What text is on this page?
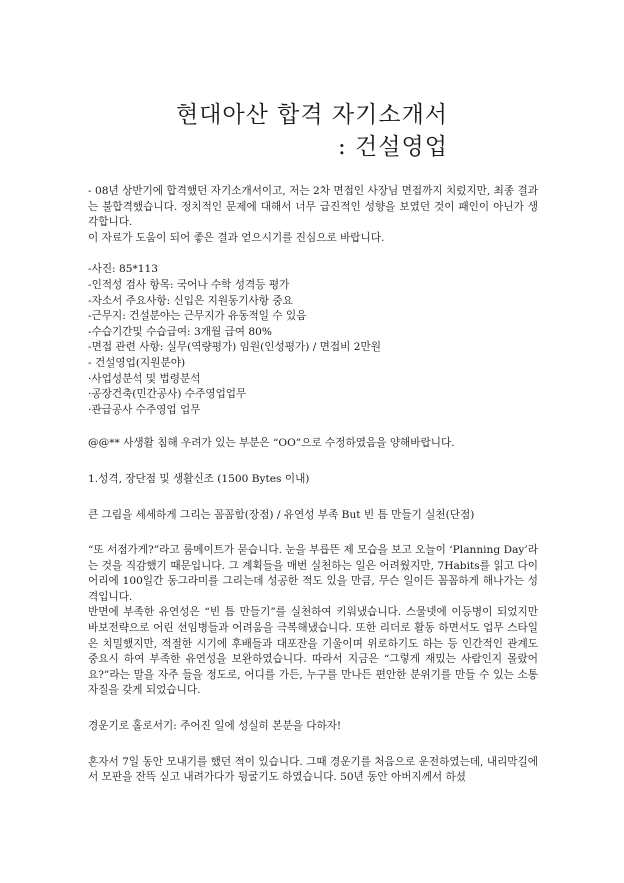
현대아산 합격 자기소개서
: 건설영업

- 08년 상반기에 합격했던 자기소개서이고, 저는 2차 면접인 사장님 면접까지 치렀지만, 최종 결과는 불합격했습니다. 정치적인 문제에 대해서 너무 급진적인 성향을 보였던 것이 패인이 아닌가 생각합니다.

이 자료가 도움이 되어 좋은 결과 얻으시기를 진심으로 바랍니다.

-사진: 85*113

-인적성 검사 항목: 국어나 수학 성격등 평가

-자소서 주요사항: 신입은 지원동기사항 중요

-근무지: 건설분야는 근무지가 유동적일 수 있음

-수습기간및 수습급여: 3개월 급여 80%

-면접 관련 사항: 실무(역량평가) 임원(인성평가) / 면접비 2만원

- 건설영업(지원분야)

·사업성분석 및 법령분석

·공장건축(민간공사) 수주영업업무

·관급공사 수주영업 업무

@@** 사생활 침해 우려가 있는 부분은 “OO”으로 수정하였음을 양해바랍니다.

1.성격, 장단점 및 생활신조 (1500 Bytes 이내)

큰 그림을 세세하게 그리는 꼼꼼함(장점) / 유연성 부족 But 빈 틈 만들기 실천(단점)

“또 서점가게?”라고 룸메이트가 묻습니다. 눈을 부릅뜬 제 모습을 보고 오늘이 ‘Planning Day’라는 것을 직감했기 때문입니다. 그 계획들을 매번 실천하는 일은 어려웠지만, 7Habits를 읽고 다이어리에 100일간 동그라미를 그리는데 성공한 적도 있을 만큼, 무슨 일이든 꼼꼼하게 해나가는 성격입니다.

반면에 부족한 유연성은 “빈 틈 만들기”를 실천하여 키워냈습니다. 스물넷에 이등병이 되었지만 바보전략으로 어린 선임병들과 어려움을 극복해냈습니다. 또한 리더로 활동 하면서도 업무 스타일은 치밀했지만, 적절한 시기에 후배들과 대포잔을 기울이며 위로하기도 하는 등 인간적인 관계도 중요시 하여 부족한 유연성을 보완하였습니다. 따라서 지금은 “그렇게 재밌는 사람인지 몰랐어요?”라는 말을 자주 들을 정도로, 어디를 가든, 누구를 만나든 편안한 분위기를 만들 수 있는 소통자질을 갖게 되었습니다.

경운기로 홀로서기: 주어진 일에 성실히 본분을 다하자!

혼자서 7일 동안 모내기를 했던 적이 있습니다. 그때 경운기를 처음으로 운전하였는데, 내리막길에서 모판을 잔뜩 싣고 내려가다가 뒹굴기도 하였습니다. 50년 동안 아버지께서 하셨
